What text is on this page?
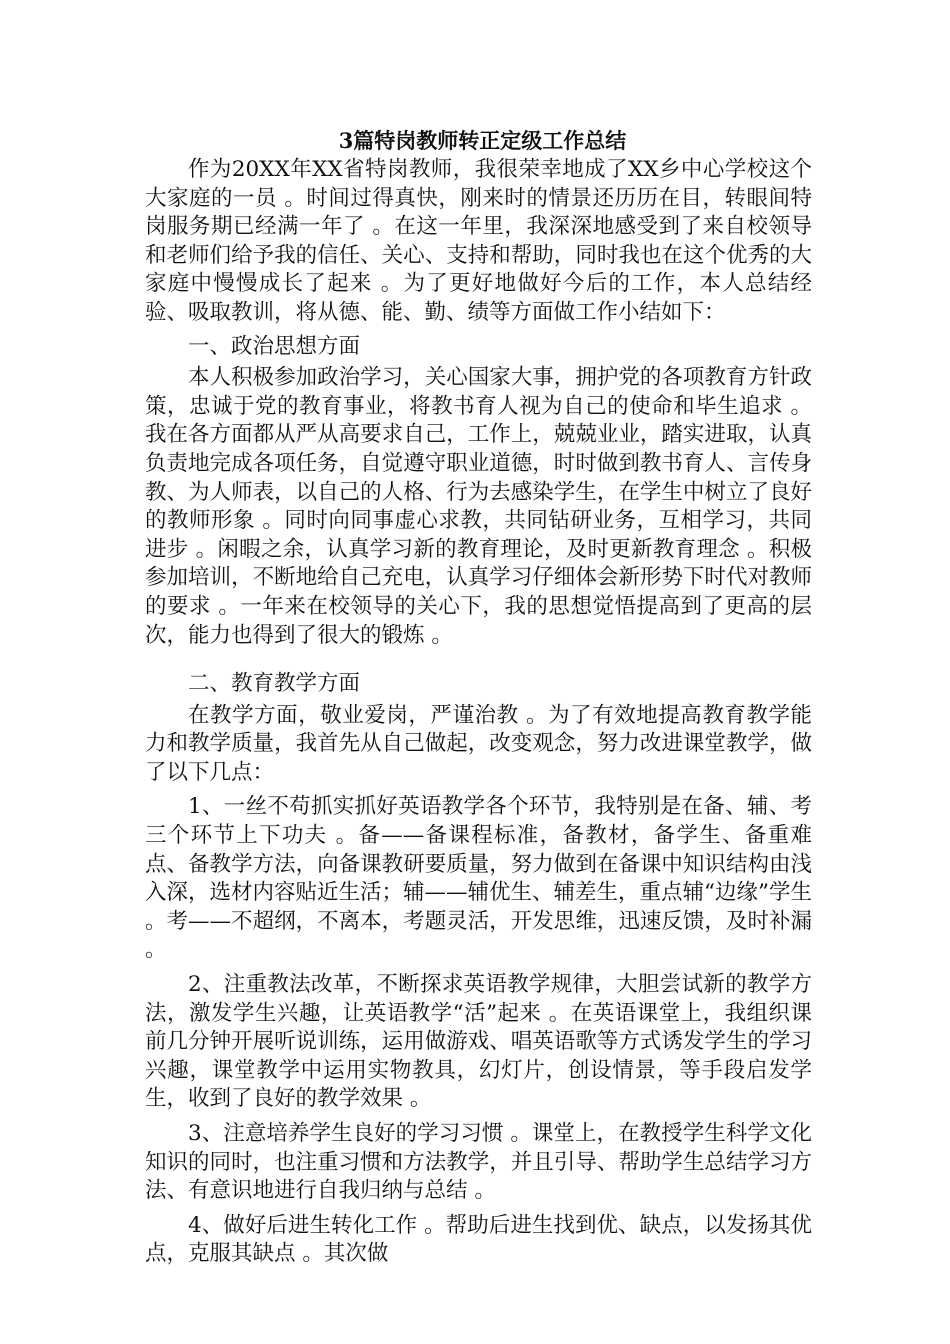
3篇特岗教师转正定级工作总结

作为20XX年XX省特岗教师，我很荣幸地成了XX乡中心学校这个大家庭的一员 。时间过得真快，刚来时的情景还历历在目，转眼间特岗服务期已经满一年了 。在这一年里，我深深地感受到了来自校领导和老师们给予我的信任、关心、支持和帮助，同时我也在这个优秀的大家庭中慢慢成长了起来 。为了更好地做好今后的工作，本人总结经验、吸取教训，将从德、能、勤、绩等方面做工作小结如下：

一、政治思想方面

本人积极参加政治学习，关心国家大事，拥护党的各项教育方针政策，忠诚于党的教育事业，将教书育人视为自己的使命和毕生追求 。我在各方面都从严从高要求自己，工作上，兢兢业业，踏实进取，认真负责地完成各项任务，自觉遵守职业道德，时时做到教书育人、言传身教、为人师表，以自己的人格、行为去感染学生，在学生中树立了良好的教师形象 。同时向同事虚心求教，共同钻研业务，互相学习，共同进步 。闲暇之余，认真学习新的教育理论，及时更新教育理念 。积极参加培训，不断地给自己充电，认真学习仔细体会新形势下时代对教师的要求 。一年来在校领导的关心下，我的思想觉悟提高到了更高的层次，能力也得到了很大的锻炼 。

二、教育教学方面

在教学方面，敬业爱岗，严谨治教 。为了有效地提高教育教学能力和教学质量，我首先从自己做起，改变观念，努力改进课堂教学，做了以下几点：

1、一丝不苟抓实抓好英语教学各个环节，我特别是在备、辅、考三个环节上下功夫 。备——备课程标准，备教材，备学生、备重难点、备教学方法，向备课教研要质量，努力做到在备课中知识结构由浅入深，选材内容贴近生活；辅——辅优生、辅差生，重点辅“边缘”学生 。考——不超纲，不离本，考题灵活，开发思维，迅速反馈，及时补漏 。

2、注重教法改革，不断探求英语教学规律，大胆尝试新的教学方法，激发学生兴趣，让英语教学“活”起来 。在英语课堂上，我组织课前几分钟开展听说训练，运用做游戏、唱英语歌等方式诱发学生的学习兴趣，课堂教学中运用实物教具，幻灯片，创设情景，等手段启发学生，收到了良好的教学效果 。

3、注意培养学生良好的学习习惯 。课堂上，在教授学生科学文化知识的同时，也注重习惯和方法教学，并且引导、帮助学生总结学习方法、有意识地进行自我归纳与总结 。

4、做好后进生转化工作 。帮助后进生找到优、缺点，以发扬其优点，克服其缺点 。其次做
